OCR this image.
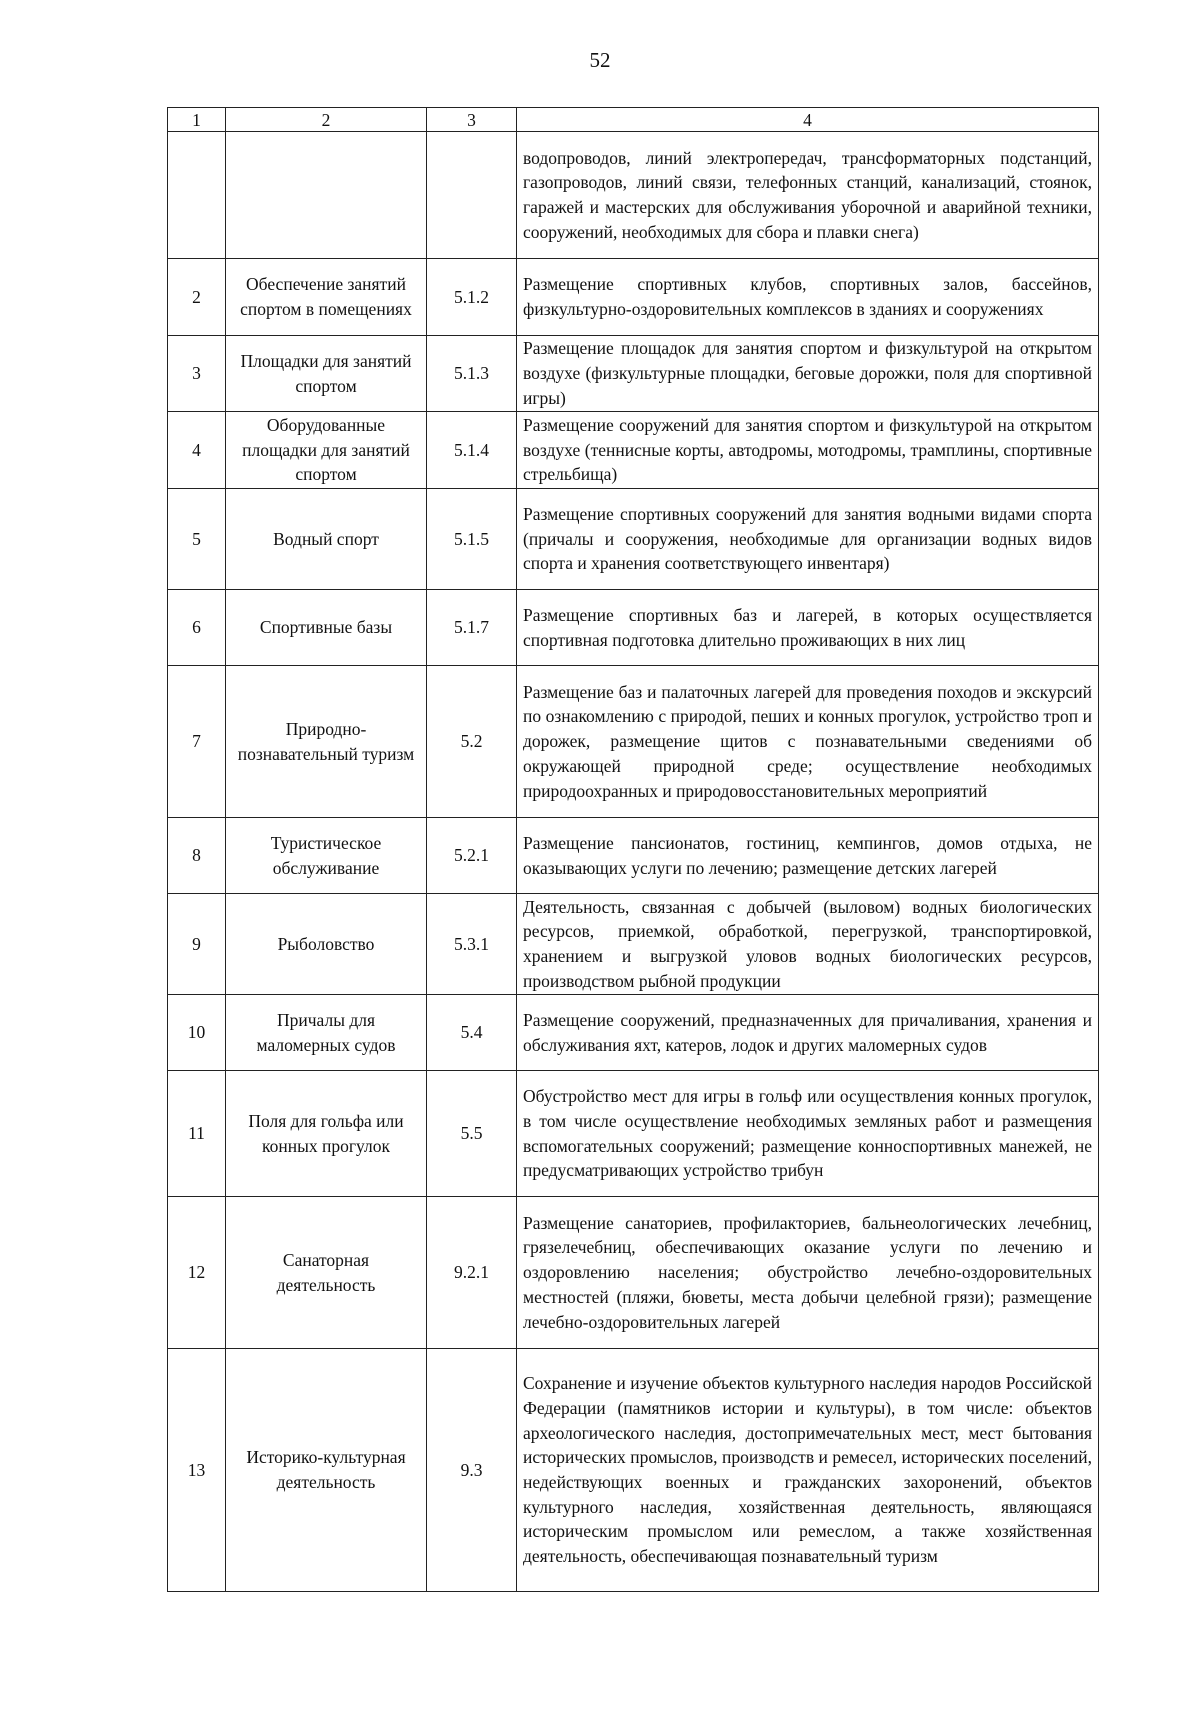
52
1	2	3	4
			водопроводов, линий электропередач, трансформаторных подстанций, газопроводов, линий связи, телефонных станций, канализаций, стоянок, гаражей и мастерских для обслуживания уборочной и аварийной техники, сооружений, необходимых для сбора и плавки снега)
2	Обеспечение занятий спортом в помещениях	5.1.2	Размещение спортивных клубов, спортивных залов, бассейнов, физкультурно-оздоровительных комплексов в зданиях и сооружениях
3	Площадки для занятий спортом	5.1.3	Размещение площадок для занятия спортом и физкультурой на открытом воздухе (физкультурные площадки, беговые дорожки, поля для спортивной игры)
4	Оборудованные площадки для занятий спортом	5.1.4	Размещение сооружений для занятия спортом и физкультурой на открытом воздухе (теннисные корты, автодромы, мотодромы, трамплины, спортивные стрельбища)
5	Водный спорт	5.1.5	Размещение спортивных сооружений для занятия водными видами спорта (причалы и сооружения, необходимые для организации водных видов спорта и хранения соответствующего инвентаря)
6	Спортивные базы	5.1.7	Размещение спортивных баз и лагерей, в которых осуществляется спортивная подготовка длительно проживающих в них лиц
7	Природно-познавательный туризм	5.2	Размещение баз и палаточных лагерей для проведения походов и экскурсий по ознакомлению с природой, пеших и конных прогулок, устройство троп и дорожек, размещение щитов с познавательными сведениями об окружающей природной среде; осуществление необходимых природоохранных и природовосстановительных мероприятий
8	Туристическое обслуживание	5.2.1	Размещение пансионатов, гостиниц, кемпингов, домов отдыха, не оказывающих услуги по лечению; размещение детских лагерей
9	Рыболовство	5.3.1	Деятельность, связанная с добычей (выловом) водных биологических ресурсов, приемкой, обработкой, перегрузкой, транспортировкой, хранением и выгрузкой уловов водных биологических ресурсов, производством рыбной продукции
10	Причалы для маломерных судов	5.4	Размещение сооружений, предназначенных для причаливания, хранения и обслуживания яхт, катеров, лодок и других маломерных судов
11	Поля для гольфа или конных прогулок	5.5	Обустройство мест для игры в гольф или осуществления конных прогулок, в том числе осуществление необходимых земляных работ и размещения вспомогательных сооружений; размещение конноспортивных манежей, не предусматривающих устройство трибун
12	Санаторная деятельность	9.2.1	Размещение санаториев, профилакториев, бальнеологических лечебниц, грязелечебниц, обеспечивающих оказание услуги по лечению и оздоровлению населения; обустройство лечебно-оздоровительных местностей (пляжи, бюветы, места добычи целебной грязи); размещение лечебно-оздоровительных лагерей
13	Историко-культурная деятельность	9.3	Сохранение и изучение объектов культурного наследия народов Российской Федерации (памятников истории и культуры), в том числе: объектов археологического наследия, достопримечательных мест, мест бытования исторических промыслов, производств и ремесел, исторических поселений, недействующих военных и гражданских захоронений, объектов культурного наследия, хозяйственная деятельность, являющаяся историческим промыслом или ремеслом, а также хозяйственная деятельность, обеспечивающая познавательный туризм
